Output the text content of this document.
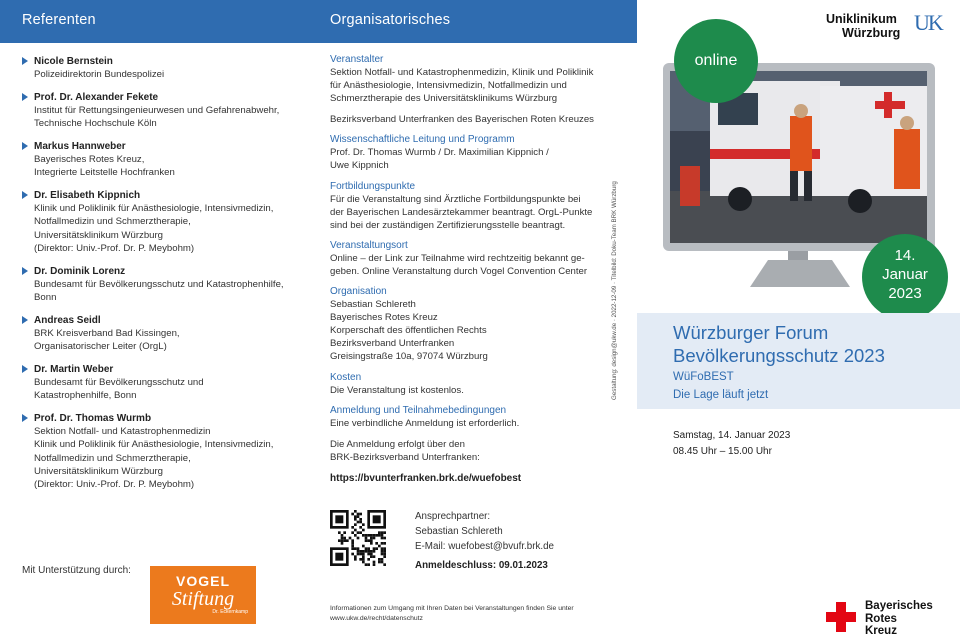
Referenten	Organisatorisches
Nicole Bernstein
Polizeidirektorin Bundespolizei
Prof. Dr. Alexander Fekete
Institut für Rettungsingenieurwesen und Gefahrenabwehr,
Technische Hochschule Köln
Markus Hannweber
Bayerisches Rotes Kreuz,
Integrierte Leitstelle Hochfranken
Dr. Elisabeth Kippnich
Klinik und Poliklinik für Anästhesiologie, Intensivmedizin,
Notfallmedizin und Schmerztherapie,
Universitätsklinikum Würzburg
(Direktor: Univ.-Prof. Dr. P. Meybohm)
Dr. Dominik Lorenz
Bundesamt für Bevölkerungsschutz und Katastrophenhilfe,
Bonn
Andreas Seidl
BRK Kreisverband Bad Kissingen,
Organisatorischer Leiter (OrgL)
Dr. Martin Weber
Bundesamt für Bevölkerungsschutz und
Katastrophenhilfe, Bonn
Prof. Dr. Thomas Wurmb
Sektion Notfall- und Katastrophenmedizin
Klinik und Poliklinik für Anästhesiologie, Intensivmedizin,
Notfallmedizin und Schmerztherapie,
Universitätsklinikum Würzburg
(Direktor: Univ.-Prof. Dr. P. Meybohm)
Mit Unterstützung durch:
VOGEL
Stiftung
Dr. Eckernkamp
Veranstalter
Sektion Notfall- und Katastrophenmedizin, Klinik und Poliklinik
für Anästhesiologie, Intensivmedizin, Notfallmedizin und
Schmerztherapie des Universitätsklinikums Würzburg
Bezirksverband Unterfranken des Bayerischen Roten Kreuzes
Wissenschaftliche Leitung und Programm
Prof. Dr. Thomas Wurmb / Dr. Maximilian Kippnich /
Uwe Kippnich
Fortbildungspunkte
Für die Veranstaltung sind Ärztliche Fortbildungspunkte bei
der Bayerischen Landesärztekammer beantragt. OrgL-Punkte
sind bei der zuständigen Zertifizierungsstelle beantragt.
Veranstaltungsort
Online – der Link zur Teilnahme wird rechtzeitig bekannt ge-
geben. Online Veranstaltung durch Vogel Convention Center
Organisation
Sebastian Schlereth
Bayerisches Rotes Kreuz
Korperschaft des öffentlichen Rechts
Bezirksverband Unterfranken
Greisingstraße 10a, 97074 Würzburg
Kosten
Die Veranstaltung ist kostenlos.
Anmeldung und Teilnahmebedingungen
Eine verbindliche Anmeldung ist erforderlich.
Die Anmeldung erfolgt über den
BRK-Bezirksverband Unterfranken:
https://bvunterfranken.brk.de/wuefobest
Ansprechpartner:
Sebastian Schlereth
E-Mail: wuefobest@bvufr.brk.de
Anmeldeschluss: 09.01.2023
Informationen zum Umgang mit Ihren Daten bei Veranstaltungen finden Sie unter
www.ukw.de/recht/datenschutz
Gestaltung: design@ukw.de · 2022-12-09 · Titelbild: Doku-Team BRK Würzburg
Uniklinikum
Würzburg UK
online
14.
Januar
2023
Würzburger Forum
Bevölkerungsschutz 2023
WüFoBEST
Die Lage läuft jetzt
Samstag, 14. Januar 2023
08.45 Uhr – 15.00 Uhr
Bayerisches
Rotes
Kreuz
